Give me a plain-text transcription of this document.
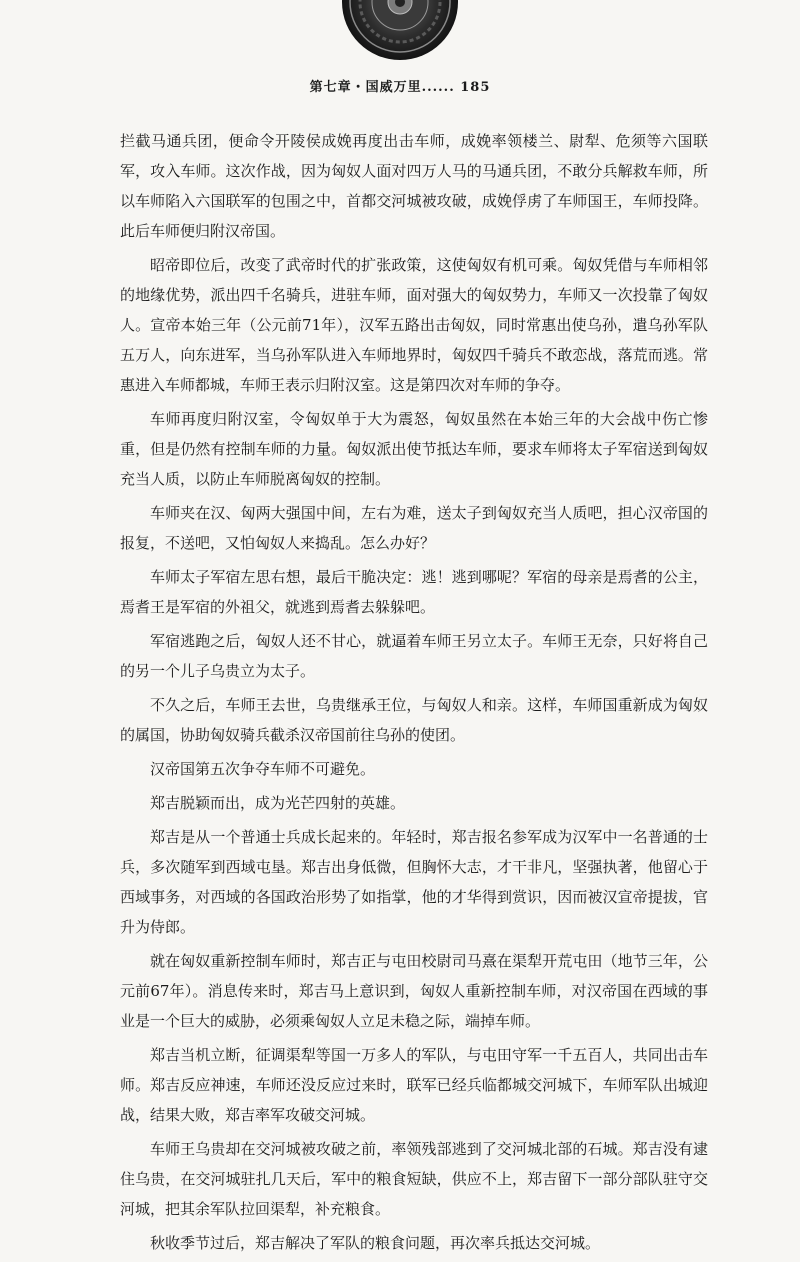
第七章・国威万里...... 185

拦截马通兵团，便命令开陵侯成娩再度出击车师，成娩率领楼兰、尉犁、危须等六国联军，攻入车师。这次作战，因为匈奴人面对四万人马的马通兵团，不敢分兵解救车师，所以车师陷入六国联军的包围之中，首都交河城被攻破，成娩俘虏了车师国王，车师投降。此后车师便归附汉帝国。

昭帝即位后，改变了武帝时代的扩张政策，这使匈奴有机可乘。匈奴凭借与车师相邻的地缘优势，派出四千名骑兵，进驻车师，面对强大的匈奴势力，车师又一次投靠了匈奴人。宣帝本始三年（公元前71年），汉军五路出击匈奴，同时常惠出使乌孙，遣乌孙军队五万人，向东进军，当乌孙军队进入车师地界时，匈奴四千骑兵不敢恋战，落荒而逃。常惠进入车师都城，车师王表示归附汉室。这是第四次对车师的争夺。

车师再度归附汉室，令匈奴单于大为震怒，匈奴虽然在本始三年的大会战中伤亡惨重，但是仍然有控制车师的力量。匈奴派出使节抵达车师，要求车师将太子军宿送到匈奴充当人质，以防止车师脱离匈奴的控制。

车师夹在汉、匈两大强国中间，左右为难，送太子到匈奴充当人质吧，担心汉帝国的报复，不送吧，又怕匈奴人来捣乱。怎么办好？

车师太子军宿左思右想，最后干脆决定：逃！逃到哪呢？军宿的母亲是焉耆的公主，焉耆王是军宿的外祖父，就逃到焉耆去躲躲吧。

军宿逃跑之后，匈奴人还不甘心，就逼着车师王另立太子。车师王无奈，只好将自己的另一个儿子乌贵立为太子。

不久之后，车师王去世，乌贵继承王位，与匈奴人和亲。这样，车师国重新成为匈奴的属国，协助匈奴骑兵截杀汉帝国前往乌孙的使团。

汉帝国第五次争夺车师不可避免。

郑吉脱颖而出，成为光芒四射的英雄。

郑吉是从一个普通士兵成长起来的。年轻时，郑吉报名参军成为汉军中一名普通的士兵，多次随军到西域屯垦。郑吉出身低微，但胸怀大志，才干非凡，坚强执著，他留心于西域事务，对西域的各国政治形势了如指掌，他的才华得到赏识，因而被汉宣帝提拔，官升为侍郎。

就在匈奴重新控制车师时，郑吉正与屯田校尉司马熹在渠犁开荒屯田（地节三年，公元前67年）。消息传来时，郑吉马上意识到，匈奴人重新控制车师，对汉帝国在西域的事业是一个巨大的威胁，必须乘匈奴人立足未稳之际，端掉车师。

郑吉当机立断，征调渠犁等国一万多人的军队，与屯田守军一千五百人，共同出击车师。郑吉反应神速，车师还没反应过来时，联军已经兵临都城交河城下，车师军队出城迎战，结果大败，郑吉率军攻破交河城。

车师王乌贵却在交河城被攻破之前，率领残部逃到了交河城北部的石城。郑吉没有逮住乌贵，在交河城驻扎几天后，军中的粮食短缺，供应不上，郑吉留下一部分部队驻守交河城，把其余军队拉回渠犁，补充粮食。

秋收季节过后，郑吉解决了军队的粮食问题，再次率兵抵达交河城。
